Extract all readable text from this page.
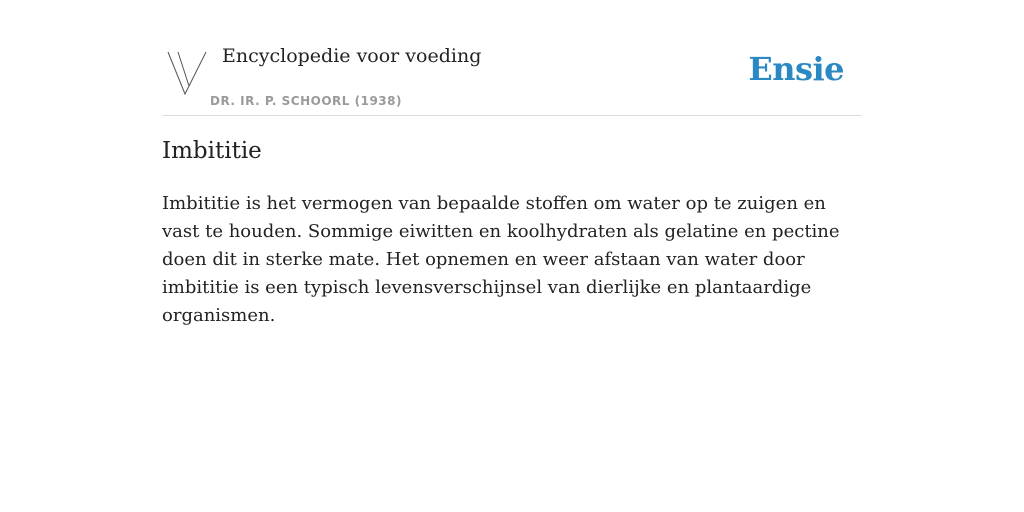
Encyclopedie voor voeding
DR. IR. P. SCHOORL (1938)
Ensie
Imbititie

Imbititie is het vermogen van bepaalde stoffen om water op te zuigen en vast te houden. Sommige eiwitten en koolhydraten als gelatine en pectine doen dit in sterke mate. Het opnemen en weer afstaan van water door imbititie is een typisch levensverschijnsel van dierlijke en plantaardige organismen.
